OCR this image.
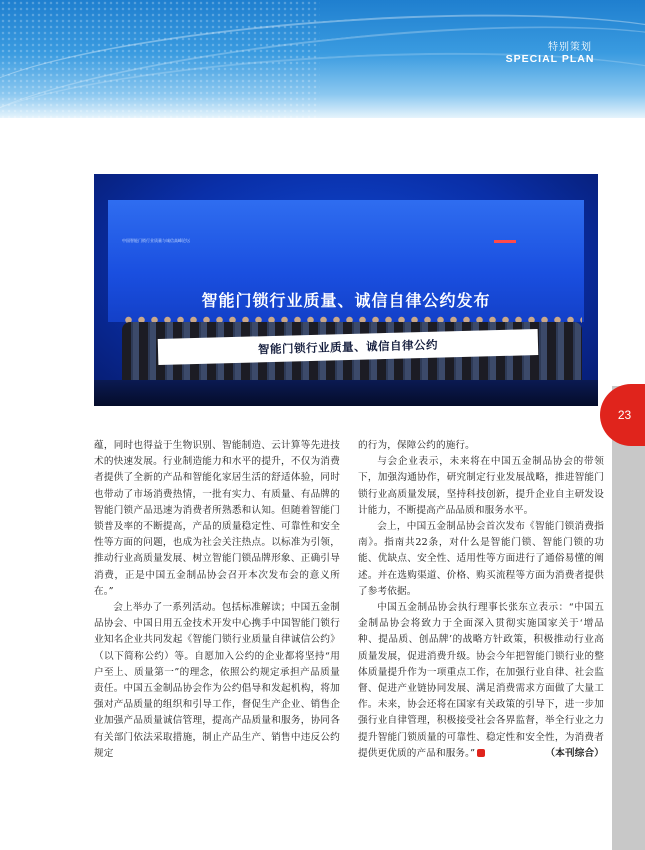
特别策划
SPECIAL PLAN
23
中国智能门锁行业质量与诚信高峰论坛
智能门锁行业质量、诚信自律公约发布
智能门锁行业质量、诚信自律公约

蕴，同时也得益于生物识别、智能制造、云计算等先进技术的快速发展。行业制造能力和水平的提升，不仅为消费者提供了全新的产品和智能化家居生活的舒适体验，同时也带动了市场消费热情，一批有实力、有质量、有品牌的智能门锁产品迅速为消费者所熟悉和认知。但随着智能门锁普及率的不断提高，产品的质量稳定性、可靠性和安全性等方面的问题，也成为社会关注热点。以标准为引领，推动行业高质量发展、树立智能门锁品牌形象、正确引导消费，正是中国五金制品协会召开本次发布会的意义所在。”

会上举办了一系列活动。包括标准解读；中国五金制品协会、中国日用五金技术开发中心携手中国智能门锁行业知名企业共同发起《智能门锁行业质量自律诚信公约》（以下简称公约）等。自愿加入公约的企业都将坚持“用户至上、质量第一”的理念，依照公约规定承担产品质量责任。中国五金制品协会作为公约倡导和发起机构，将加强对产品质量的组织和引导工作，督促生产企业、销售企业加强产品质量诚信管理，提高产品质量和服务，协同各有关部门依法采取措施，制止产品生产、销售中违反公约规定

的行为，保障公约的施行。

与会企业表示，未来将在中国五金制品协会的带领下，加强沟通协作，研究制定行业发展战略，推进智能门锁行业高质量发展，坚持科技创新，提升企业自主研发设计能力，不断提高产品品质和服务水平。

会上，中国五金制品协会首次发布《智能门锁消费指南》。指南共22条，对什么是智能门锁、智能门锁的功能、优缺点、安全性、适用性等方面进行了通俗易懂的阐述。并在选购渠道、价格、购买流程等方面为消费者提供了参考依据。

中国五金制品协会执行理事长张东立表示：“中国五金制品协会将致力于全面深入贯彻实施国家关于‘增品种、提品质、创品牌’的战略方针政策，积极推动行业高质量发展，促进消费升级。协会今年把智能门锁行业的整体质量提升作为一项重点工作，在加强行业自律、社会监督、促进产业链协同发展、满足消费需求方面做了大量工作。未来，协会还将在国家有关政策的引导下，进一步加强行业自律管理，积极接受社会各界监督，举全行业之力提升智能门锁质量的可靠性、稳定性和安全性，为消费者提供更优质的产品和服务。”	（本刊综合）
